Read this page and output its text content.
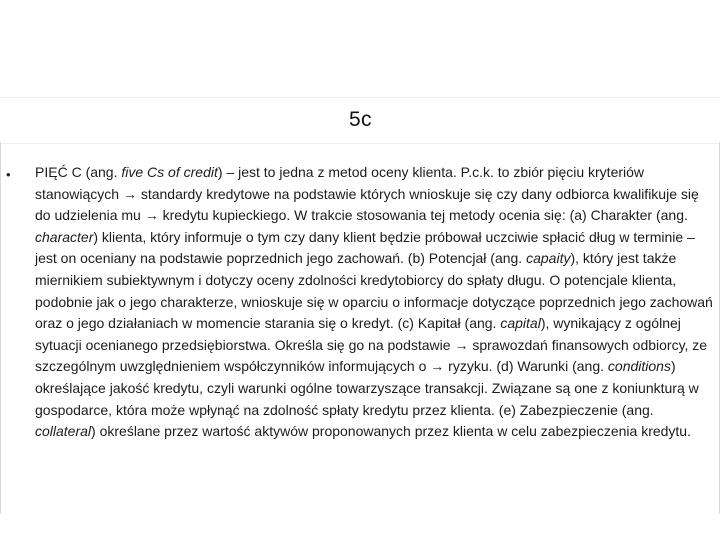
5c
• PIĘĆ C (ang. five Cs of credit) – jest to jedna z metod oceny klienta. P.c.k. to zbiór pięciu kryteriów stanowiących → standardy kredytowe na podstawie których wnioskuje się czy dany odbiorca kwalifikuje się do udzielenia mu → kredytu kupieckiego. W trakcie stosowania tej metody ocenia się: (a) Charakter (ang. character) klienta, który informuje o tym czy dany klient będzie próbował uczciwie spłacić dług w terminie – jest on oceniany na podstawie poprzednich jego zachowań. (b) Potencjał (ang. capaity), który jest także miernikiem subiektywnym i dotyczy oceny zdolności kredytobiorcy do spłaty długu. O potencjale klienta, podobnie jak o jego charakterze, wnioskuje się w oparciu o informacje dotyczące poprzednich jego zachowań oraz o jego działaniach w momencie starania się o kredyt. (c) Kapitał (ang. capital), wynikający z ogólnej sytuacji ocenianego przedsiębiorstwa. Określa się go na podstawie → sprawozdań finansowych odbiorcy, ze szczególnym uwzględnieniem współczynników informujących o → ryzyku. (d) Warunki (ang. conditions) określające jakość kredytu, czyli warunki ogólne towarzyszące transakcji. Związane są one z koniunkturą w gospodarce, która może wpłynąć na zdolność spłaty kredytu przez klienta. (e) Zabezpieczenie (ang. collateral) określane przez wartość aktywów proponowanych przez klienta w celu zabezpieczenia kredytu.
